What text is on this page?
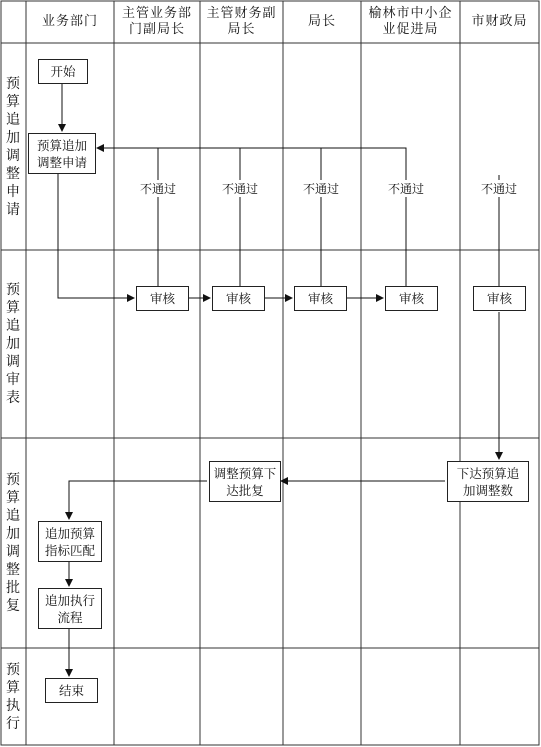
业务部门
主管业务部门副局长
主管财务副局长
局长
榆林市中小企业促进局
市财政局
预算追加调整申请
预算追加调审表
预算追加调整批复
预算执行
开始
预算追加调整申请
审核	审核	审核	审核	审核
下达预算追加调整数
调整预算下达批复
追加预算指标匹配
追加执行流程
结束
不通过	不通过	不通过	不通过	不通过
